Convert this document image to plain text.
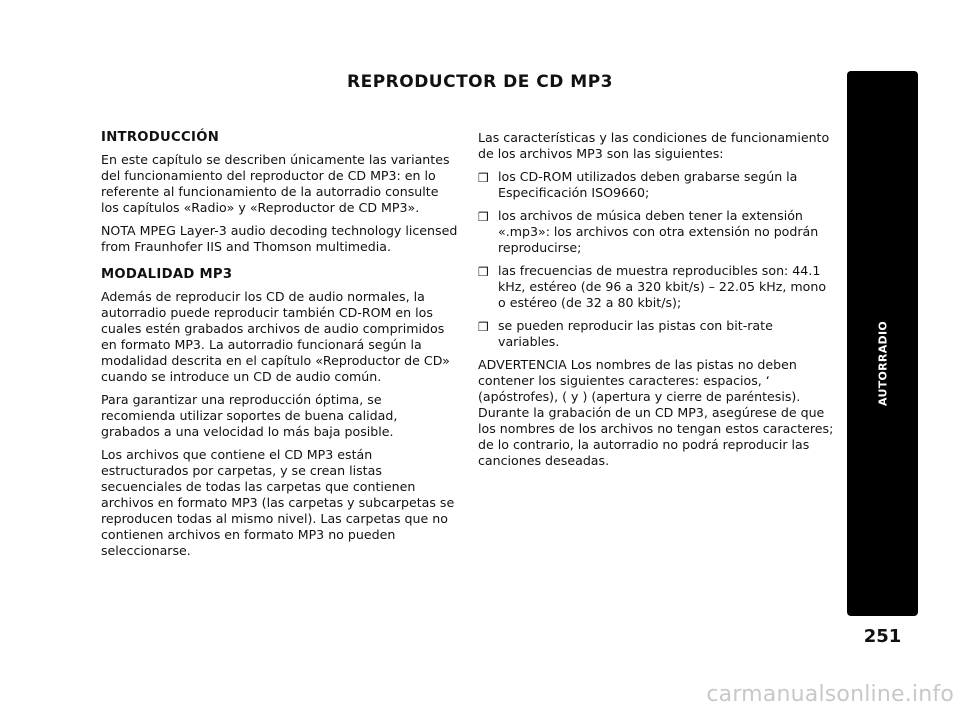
REPRODUCTOR DE CD MP3
INTRODUCCIÓN

En este capítulo se describen únicamente las variantes del funcionamiento del reproductor de CD MP3: en lo referente al funcionamiento de la autorradio consulte los capítulos «Radio» y «Reproductor de CD MP3».

NOTA MPEG Layer-3 audio decoding technology licensed from Fraunhofer IIS and Thomson multimedia.

MODALIDAD MP3

Además de reproducir los CD de audio normales, la autorradio puede reproducir también CD-ROM en los cuales estén grabados archivos de audio comprimidos en formato MP3. La autorradio funcionará según la modalidad descrita en el capítulo «Reproductor de CD» cuando se introduce un CD de audio común.

Para garantizar una reproducción óptima, se recomienda utilizar soportes de buena calidad, grabados a una velocidad lo más baja posible.

Los archivos que contiene el CD MP3 están estructurados por carpetas, y se crean listas secuenciales de todas las carpetas que contienen archivos en formato MP3 (las carpetas y subcarpetas se reproducen todas al mismo nivel). Las carpetas que no contienen archivos en formato MP3 no pueden seleccionarse.

Las características y las condiciones de funcionamiento de los archivos MP3 son las siguientes:

❒ los CD-ROM utilizados deben grabarse según la Especificación ISO9660;
❒ los archivos de música deben tener la extensión «.mp3»: los archivos con otra extensión no podrán reproducirse;
❒ las frecuencias de muestra reproducibles son: 44.1 kHz, estéreo (de 96 a 320 kbit/s) – 22.05 kHz, mono o estéreo (de 32 a 80 kbit/s);
❒ se pueden reproducir las pistas con bit-rate variables.

ADVERTENCIA Los nombres de las pistas no deben contener los siguientes caracteres: espacios, ‘ (apóstrofes), ( y ) (apertura y cierre de paréntesis). Durante la grabación de un CD MP3, asegúrese de que los nombres de los archivos no tengan estos caracteres; de lo contrario, la autorradio no podrá reproducir las canciones deseadas.

AUTORRADIO
251
carmanualsonline.info
